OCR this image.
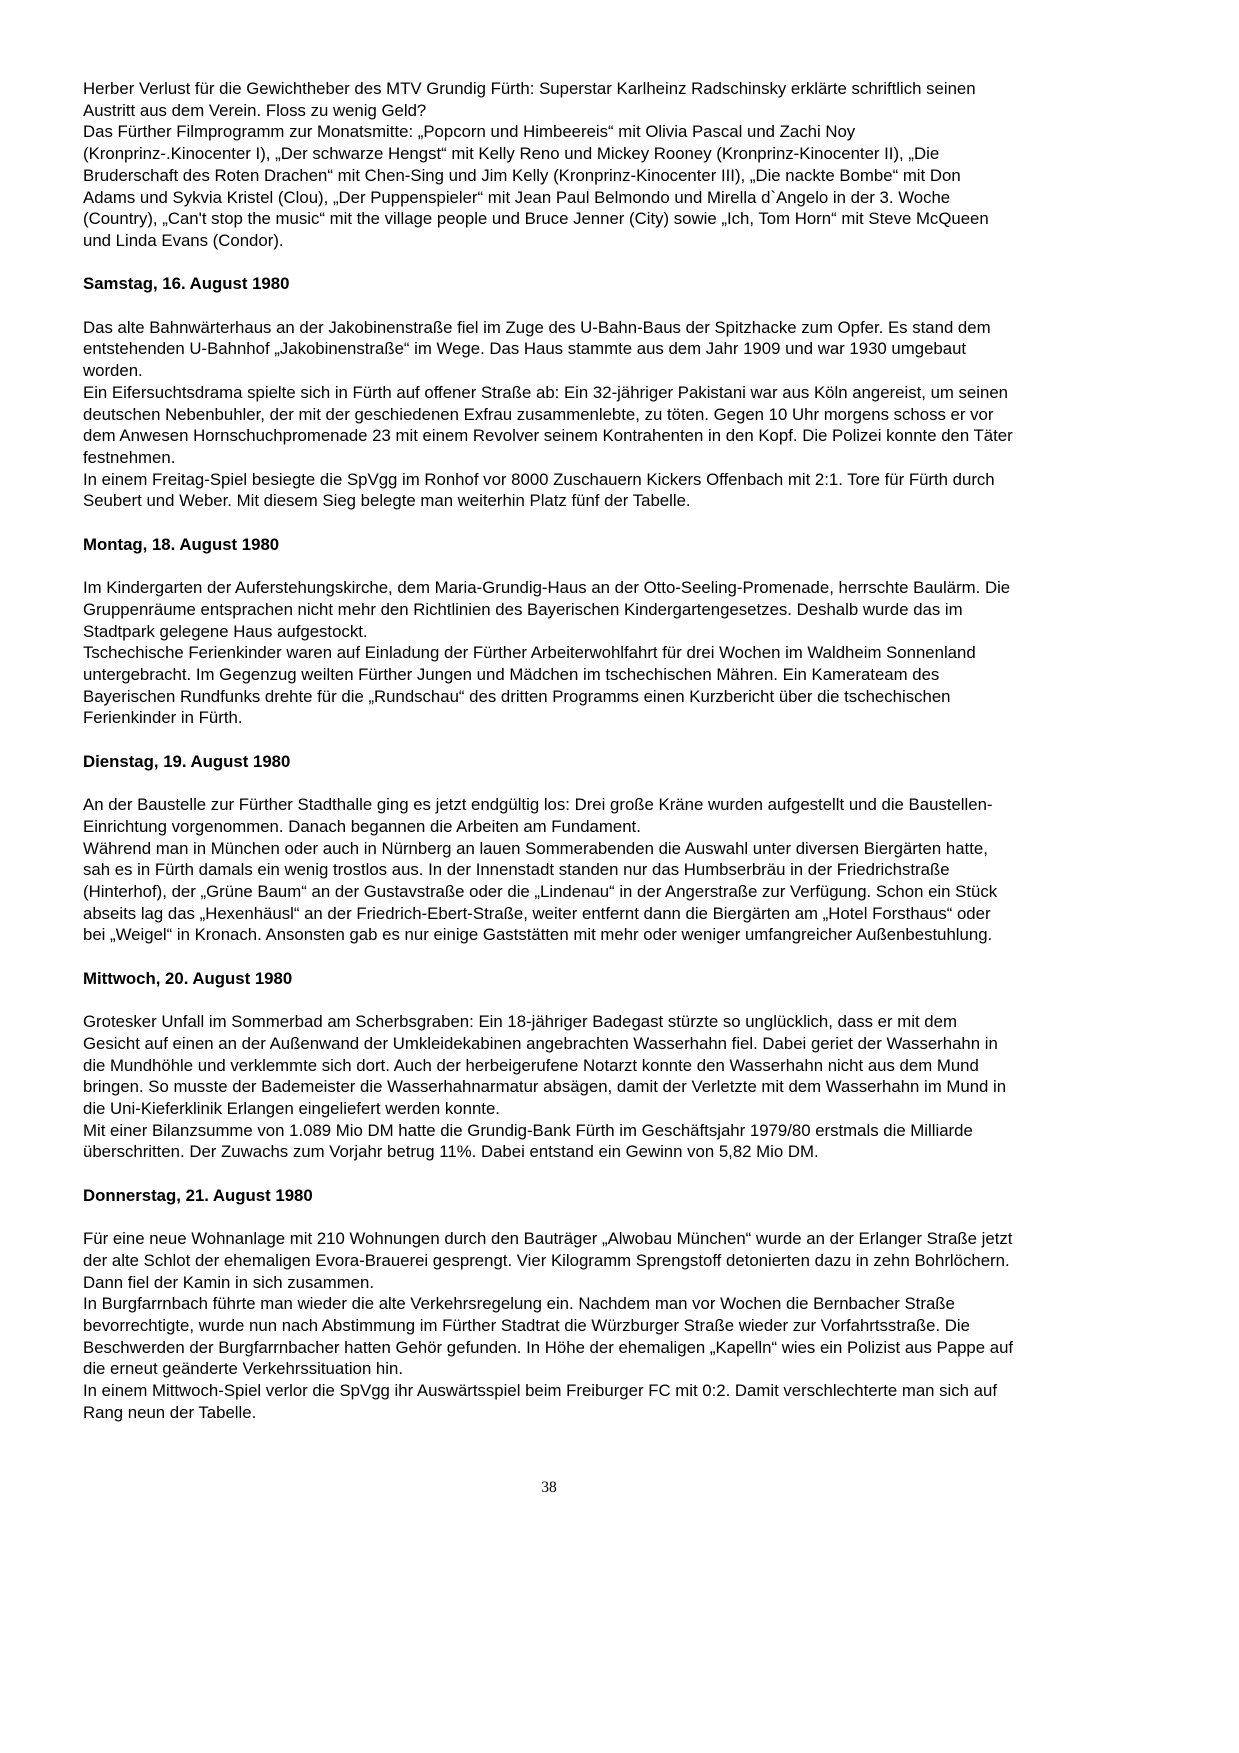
Herber Verlust für die Gewichtheber des MTV Grundig Fürth: Superstar Karlheinz Radschinsky erklärte schriftlich seinen Austritt aus dem Verein. Floss zu wenig Geld?

Das Fürther Filmprogramm zur Monatsmitte: „Popcorn und Himbeereis“ mit Olivia Pascal und Zachi Noy (Kronprinz-.Kinocenter I), „Der schwarze Hengst“ mit Kelly Reno und Mickey Rooney (Kronprinz-Kinocenter II), „Die Bruderschaft des Roten Drachen“ mit Chen-Sing und Jim Kelly (Kronprinz-Kinocenter III), „Die nackte Bombe“ mit Don Adams und Sykvia Kristel (Clou), „Der Puppenspieler“ mit Jean Paul Belmondo und Mirella d`Angelo in der 3. Woche (Country), „Can't stop the music“ mit the village people und Bruce Jenner (City) sowie „Ich, Tom Horn“ mit Steve McQueen und Linda Evans (Condor).

Samstag, 16. August 1980

Das alte Bahnwärterhaus an der Jakobinenstraße fiel im Zuge des U-Bahn-Baus der Spitzhacke zum Opfer. Es stand dem entstehenden U-Bahnhof „Jakobinenstraße“ im Wege. Das Haus stammte aus dem Jahr 1909 und war 1930 umgebaut worden.

Ein Eifersuchtsdrama spielte sich in Fürth auf offener Straße ab: Ein 32-jähriger Pakistani war aus Köln angereist, um seinen deutschen Nebenbuhler, der mit der geschiedenen Exfrau zusammenlebte, zu töten. Gegen 10 Uhr morgens schoss er vor dem Anwesen Hornschuchpromenade 23 mit einem Revolver seinem Kontrahenten in den Kopf. Die Polizei konnte den Täter festnehmen.

In einem Freitag-Spiel besiegte die SpVgg im Ronhof vor 8000 Zuschauern Kickers Offenbach mit 2:1. Tore für Fürth durch Seubert und Weber. Mit diesem Sieg belegte man weiterhin Platz fünf der Tabelle.

Montag, 18. August 1980

Im Kindergarten der Auferstehungskirche, dem Maria-Grundig-Haus an der Otto-Seeling-Promenade, herrschte Baulärm. Die Gruppenräume entsprachen nicht mehr den Richtlinien des Bayerischen Kindergartengesetzes. Deshalb wurde das im Stadtpark gelegene Haus aufgestockt.

Tschechische Ferienkinder waren auf Einladung der Fürther Arbeiterwohlfahrt für drei Wochen im Waldheim Sonnenland untergebracht. Im Gegenzug weilten Fürther Jungen und Mädchen im tschechischen Mähren. Ein Kamerateam des Bayerischen Rundfunks drehte für die „Rundschau“ des dritten Programms einen Kurzbericht über die tschechischen Ferienkinder in Fürth.

Dienstag, 19. August 1980

An der Baustelle zur Fürther Stadthalle ging es jetzt endgültig los: Drei große Kräne wurden aufgestellt und die Baustellen-Einrichtung vorgenommen. Danach begannen die Arbeiten am Fundament.

Während man in München oder auch in Nürnberg an lauen Sommerabenden die Auswahl unter diversen Biergärten hatte, sah es in Fürth damals ein wenig trostlos aus. In der Innenstadt standen nur das Humbserbräu in der Friedrichstraße (Hinterhof), der „Grüne Baum“ an der Gustavstraße oder die „Lindenau“ in der Angerstraße zur Verfügung. Schon ein Stück abseits lag das „Hexenhäusl“ an der Friedrich-Ebert-Straße, weiter entfernt dann die Biergärten am „Hotel Forsthaus“ oder bei „Weigel“ in Kronach. Ansonsten gab es nur einige Gaststätten mit mehr oder weniger umfangreicher Außenbestuhlung.

Mittwoch, 20. August 1980

Grotesker Unfall im Sommerbad am Scherbsgraben: Ein 18-jähriger Badegast stürzte so unglücklich, dass er mit dem Gesicht auf einen an der Außenwand der Umkleidekabinen angebrachten Wasserhahn fiel. Dabei geriet der Wasserhahn in die Mundhöhle und verklemmte sich dort. Auch der herbeigerufene Notarzt konnte den Wasserhahn nicht aus dem Mund bringen. So musste der Bademeister die Wasserhahnarmatur absägen, damit der Verletzte mit dem Wasserhahn im Mund in die Uni-Kieferklinik Erlangen eingeliefert werden konnte.

Mit einer Bilanzsumme von 1.089 Mio DM hatte die Grundig-Bank Fürth im Geschäftsjahr 1979/80 erstmals die Milliarde überschritten. Der Zuwachs zum Vorjahr betrug 11%. Dabei entstand ein Gewinn von 5,82 Mio DM.

Donnerstag, 21. August 1980

Für eine neue Wohnanlage mit 210 Wohnungen durch den Bauträger „Alwobau München“ wurde an der Erlanger Straße jetzt der alte Schlot der ehemaligen Evora-Brauerei gesprengt. Vier Kilogramm Sprengstoff detonierten dazu in zehn Bohrlöchern. Dann fiel der Kamin in sich zusammen.

In Burgfarrnbach führte man wieder die alte Verkehrsregelung ein. Nachdem man vor Wochen die Bernbacher Straße bevorrechtigte, wurde nun nach Abstimmung im Fürther Stadtrat die Würzburger Straße wieder zur Vorfahrtsstraße. Die Beschwerden der Burgfarrnbacher hatten Gehör gefunden. In Höhe der ehemaligen „Kapelln“ wies ein Polizist aus Pappe auf die erneut geänderte Verkehrssituation hin.

In einem Mittwoch-Spiel verlor die SpVgg ihr Auswärtsspiel beim Freiburger FC mit 0:2. Damit verschlechterte man sich auf Rang neun der Tabelle.

38
